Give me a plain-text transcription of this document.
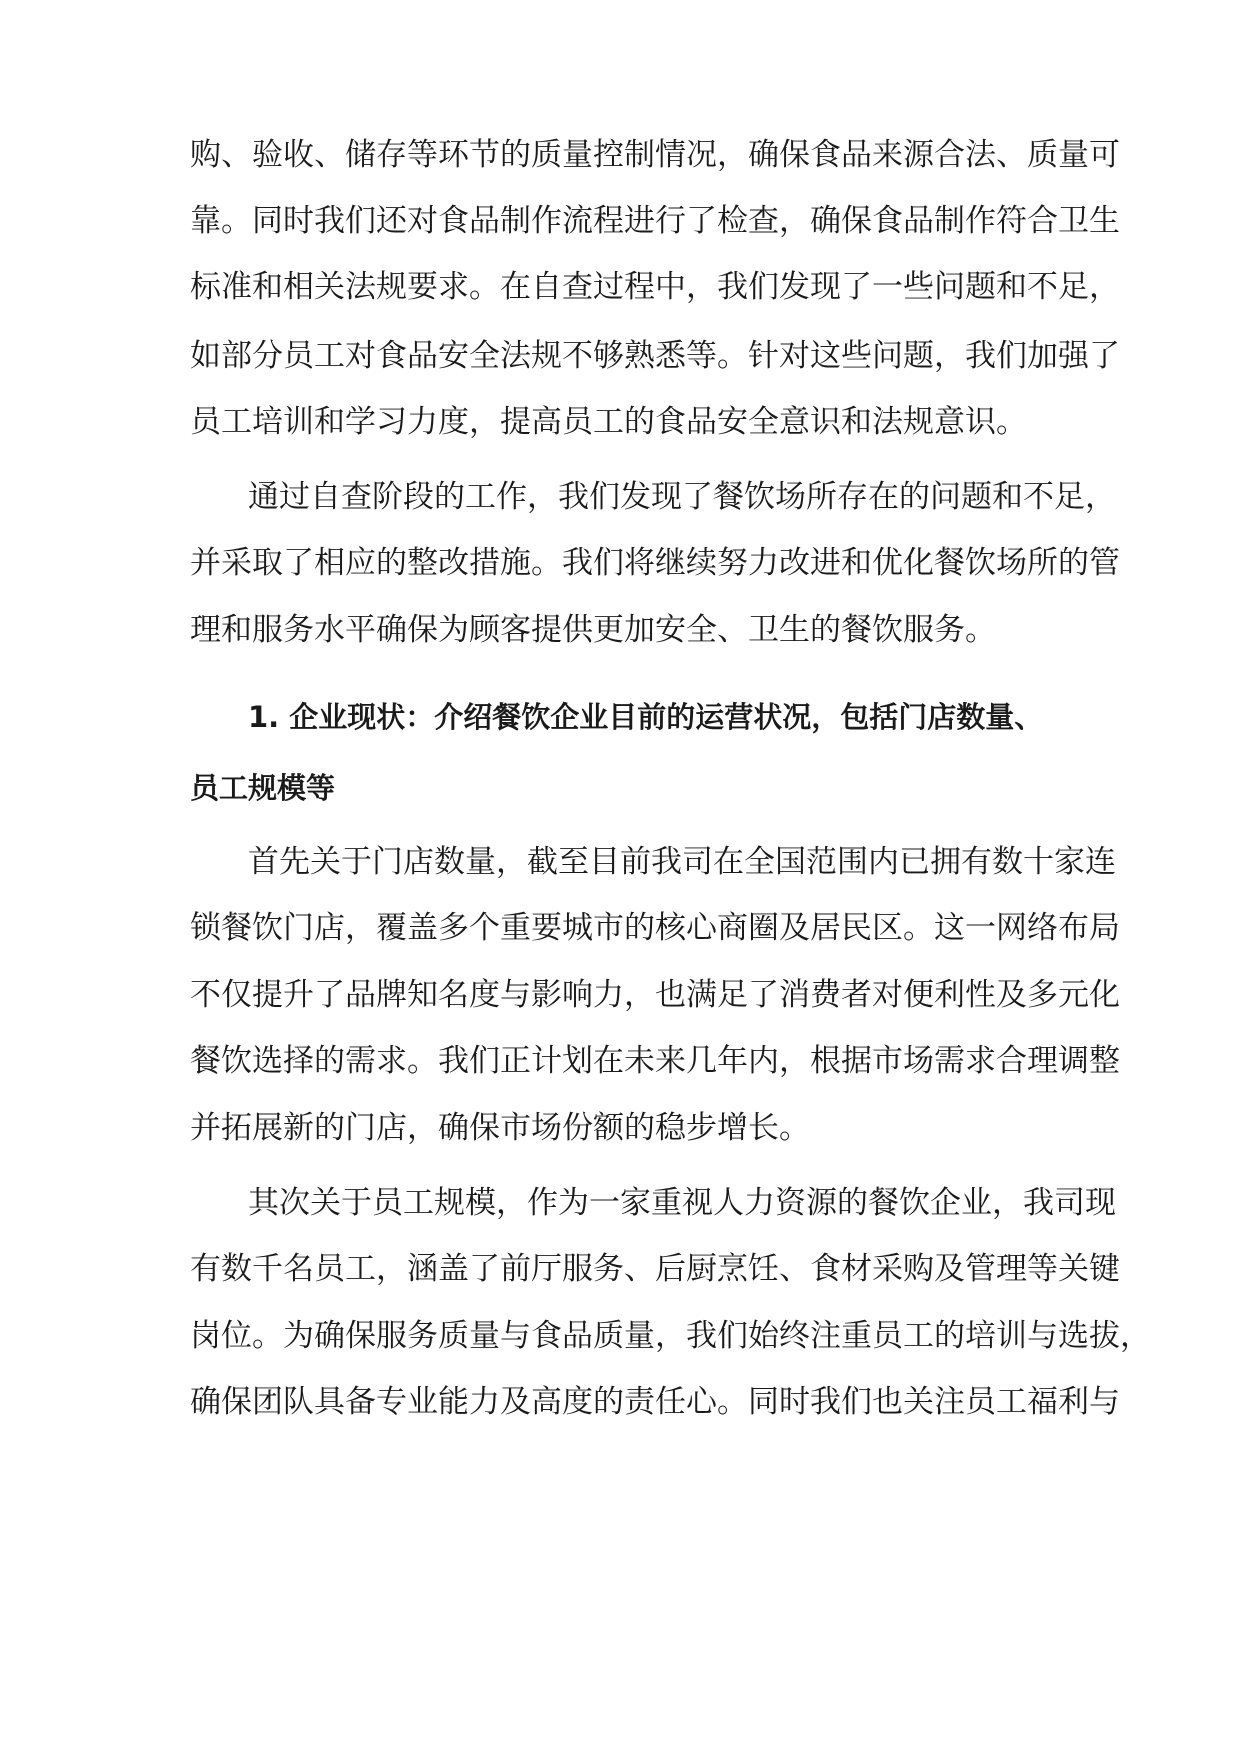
购、验收、储存等环节的质量控制情况，确保食品来源合法、质量可
靠。同时我们还对食品制作流程进行了检查，确保食品制作符合卫生
标准和相关法规要求。在自查过程中，我们发现了一些问题和不足，
如部分员工对食品安全法规不够熟悉等。针对这些问题，我们加强了
员工培训和学习力度，提高员工的食品安全意识和法规意识。
通过自查阶段的工作，我们发现了餐饮场所存在的问题和不足，
并采取了相应的整改措施。我们将继续努力改进和优化餐饮场所的管
理和服务水平确保为顾客提供更加安全、卫生的餐饮服务。
1. 企业现状：介绍餐饮企业目前的运营状况，包括门店数量、
员工规模等
首先关于门店数量，截至目前我司在全国范围内已拥有数十家连
锁餐饮门店，覆盖多个重要城市的核心商圈及居民区。这一网络布局
不仅提升了品牌知名度与影响力，也满足了消费者对便利性及多元化
餐饮选择的需求。我们正计划在未来几年内，根据市场需求合理调整
并拓展新的门店，确保市场份额的稳步增长。
其次关于员工规模，作为一家重视人力资源的餐饮企业，我司现
有数千名员工，涵盖了前厅服务、后厨烹饪、食材采购及管理等关键
岗位。为确保服务质量与食品质量，我们始终注重员工的培训与选拔，
确保团队具备专业能力及高度的责任心。同时我们也关注员工福利与
